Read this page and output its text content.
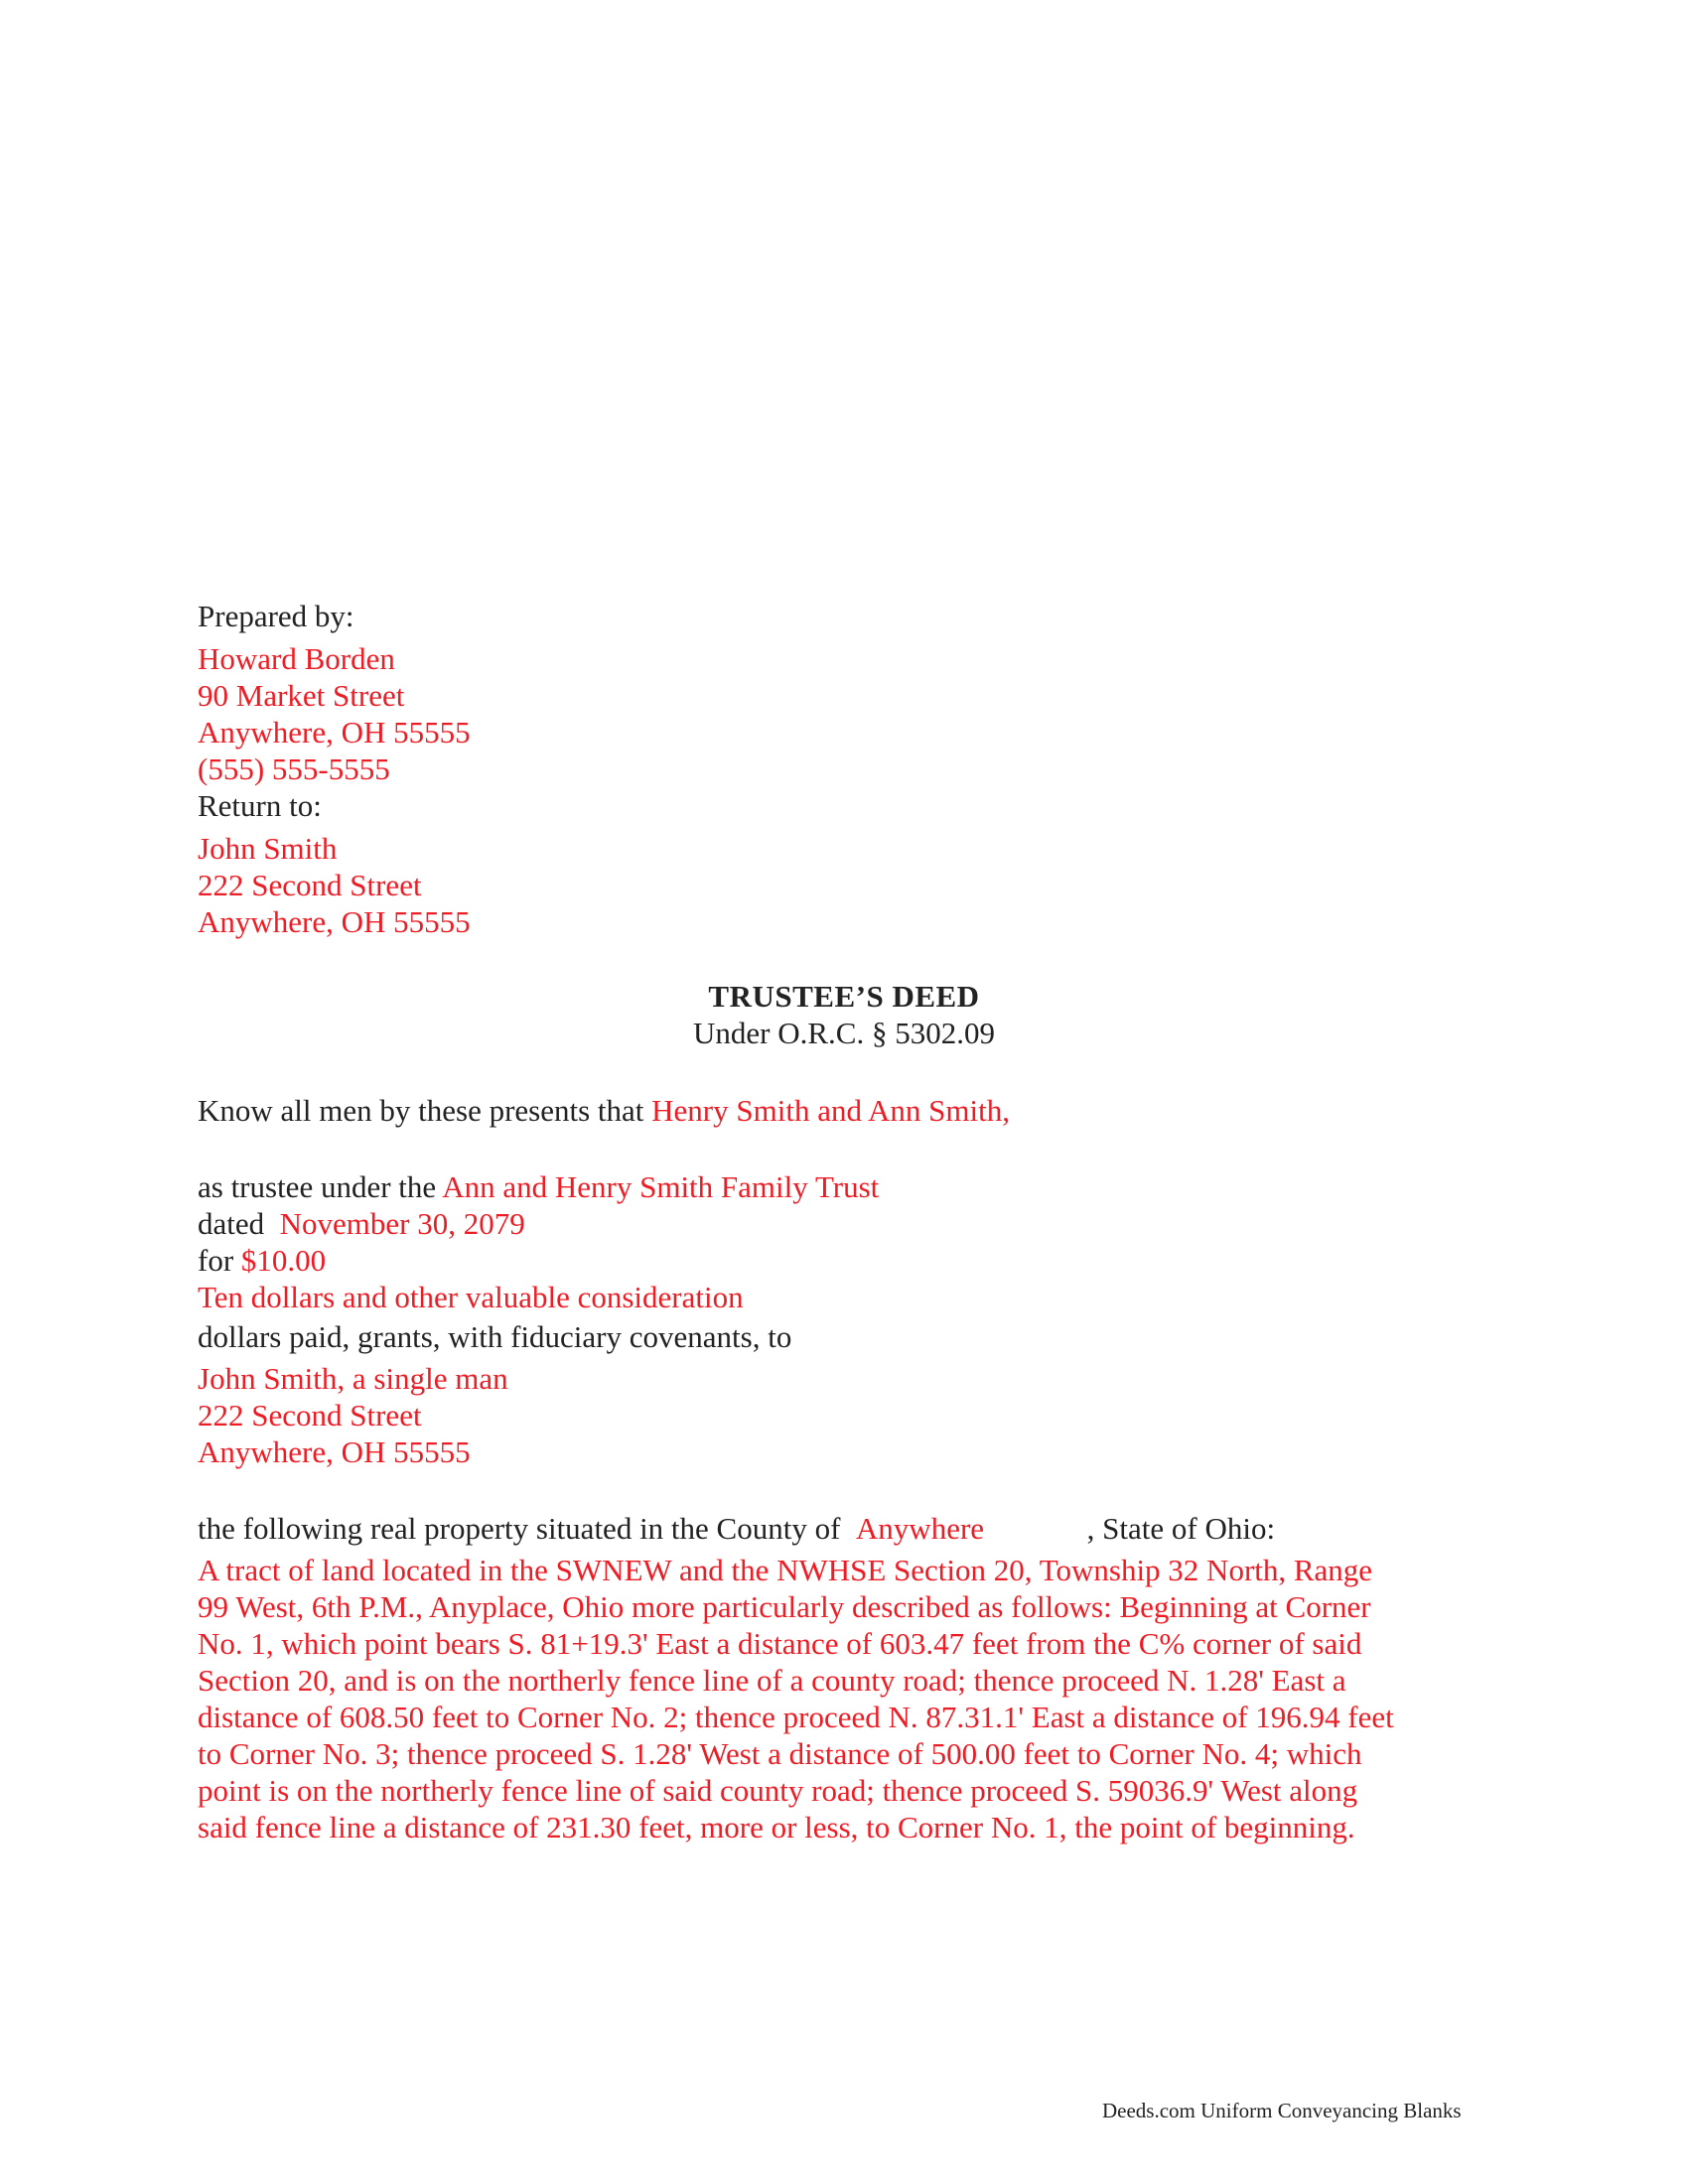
Prepared by:
Howard Borden
90 Market Street
Anywhere, OH 55555
(555) 555-5555
Return to:
John Smith
222 Second Street
Anywhere, OH 55555
TRUSTEE’S DEED
Under O.R.C. § 5302.09
Know all men by these presents that Henry Smith and Ann Smith,
as trustee under the Ann and Henry Smith Family Trust
dated November 30, 2079
for $10.00
Ten dollars and other valuable consideration
dollars paid, grants, with fiduciary covenants, to
John Smith, a single man
222 Second Street
Anywhere, OH 55555
the following real property situated in the County of Anywhere	, State of Ohio:
A tract of land located in the SWNEW and the NWHSE Section 20, Township 32 North, Range
99 West, 6th P.M., Anyplace, Ohio more particularly described as follows: Beginning at Corner
No. 1, which point bears S. 81+19.3' East a distance of 603.47 feet from the C% corner of said
Section 20, and is on the northerly fence line of a county road; thence proceed N. 1.28' East a
distance of 608.50 feet to Corner No. 2; thence proceed N. 87.31.1' East a distance of 196.94 feet
to Corner No. 3; thence proceed S. 1.28' West a distance of 500.00 feet to Corner No. 4; which
point is on the northerly fence line of said county road; thence proceed S. 59036.9' West along
said fence line a distance of 231.30 feet, more or less, to Corner No. 1, the point of beginning.
Deeds.com Uniform Conveyancing Blanks
